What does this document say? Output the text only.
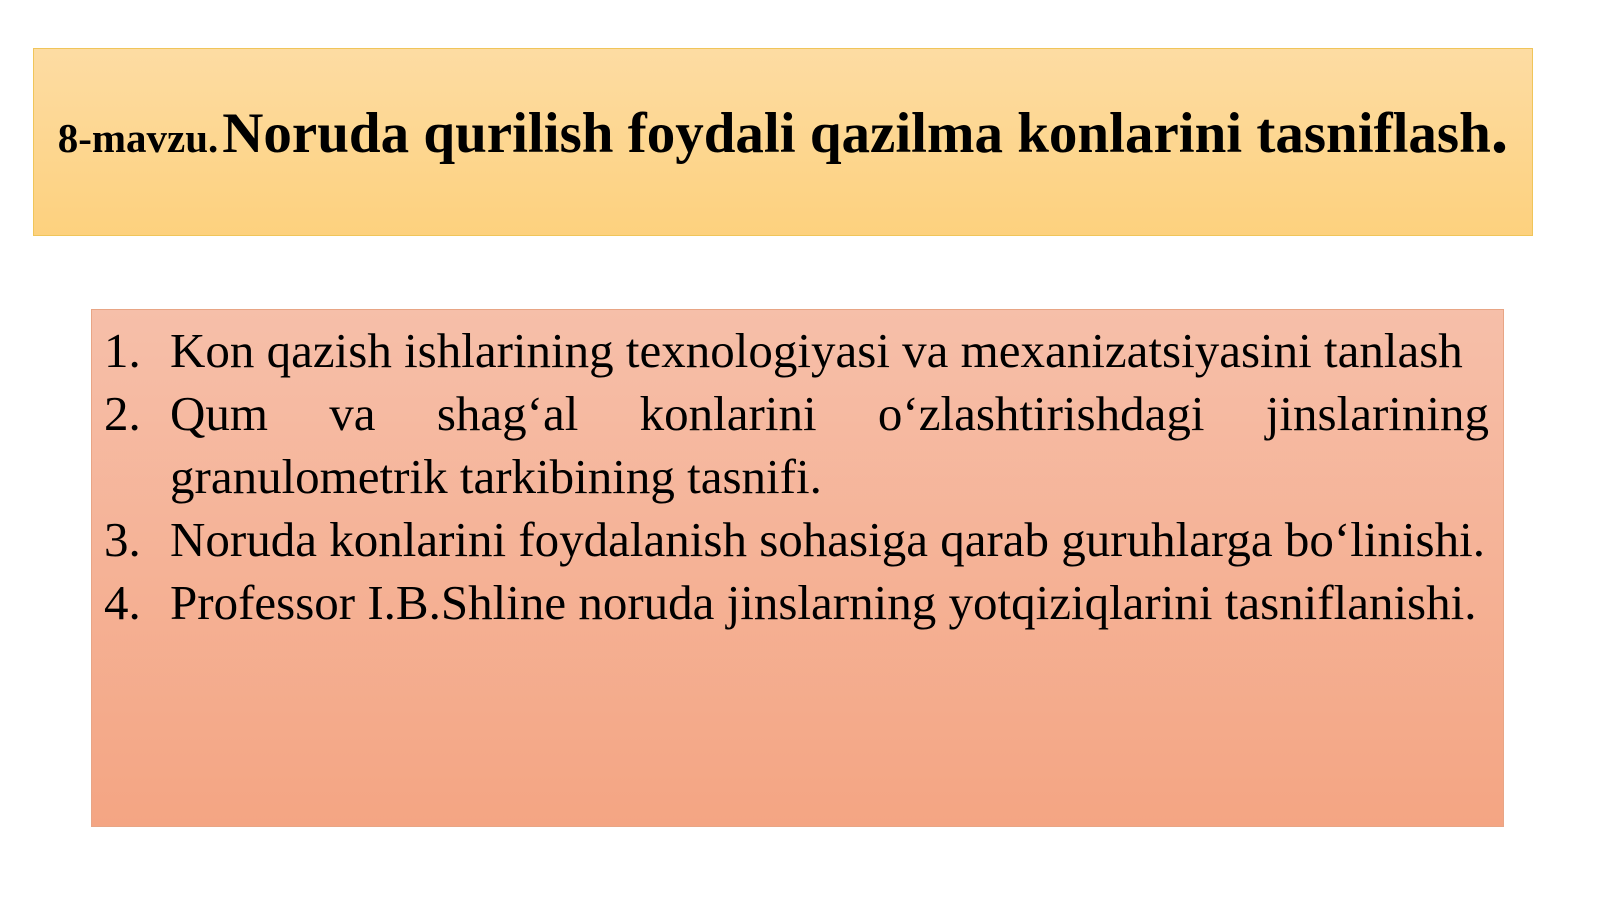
8-mavzu. Noruda qurilish foydali qazilma konlarini tasniflash.
1. Kon qazish ishlarining texnologiyasi va mexanizatsiyasini tanlash
2. Qum va shag‘al konlarini o‘zlashtirishdagi jinslarining granulometrik tarkibining tasnifi.
3. Noruda konlarini foydalanish sohasiga qarab guruhlarga bo‘linishi.
4. Professor I.B.Shline noruda jinslarning yotqiziqlarini tasniflanishi.
